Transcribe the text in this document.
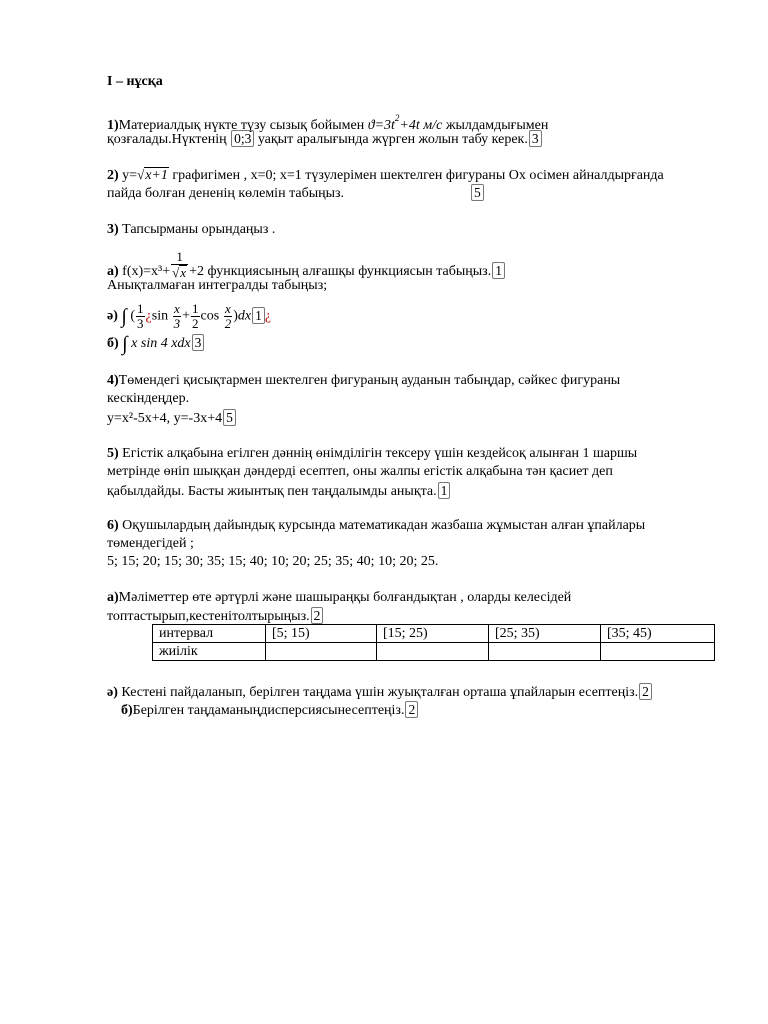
I – нұсқа
1)Материалдық нүкте түзу сызық бойымен $ϑ=3t^2+4t$ м/с жылдамдығымен
қозғалады.Нүктенің 0;3 уақыт аралығында жүрген жолын табу керек. 3
2) y=√x+1 графигімен , x=0; x=1 түзулерімен шектелген фигураны Ох осімен айналдырғанда
пайда болған дененің көлемін табыңыз.	5
3) Тапсырманы орындаңыз .
а) $f(x)=x^3+ \frac{1}{√x} +2$ функциясының алғашқы функциясын табыңыз. 1
Анықталмаған интегралды табыңыз;
ә) ∫ ( $\frac{1}{3}$ ¿$\sin \frac{x}{3} + \frac{1}{2}$ $\cos \frac{x}{2} )dx$ 1 ¿
б) ∫ x sin 4 xdx 3
4)Төмендегі қисықтармен шектелген фигураның ауданын табыңдар, сәйкес фигураны
кескіндеңдер.
y=x²-5x+4, y=-3x+4 5
5) Егістік алқабына егілген дәннің өнімділігін тексеру үшін кездейсоқ алынған 1 шаршы
метрінде өніп шыққан дәндерді есептеп, оны жалпы егістік алқабына тән қасиет деп
қабылдайды. Басты жиынтық пен таңдалымды анықта. 1
6) Оқушылардың дайындық курсында математикадан жазбаша жұмыстан алған ұпайлары
төмендегідей ;
5; 15; 20; 15; 30; 35; 15; 40; 10; 20; 25; 35; 40; 10; 20; 25.
а)Мәліметтер өте әртүрлі және шашыраңқы болғандықтан , оларды келесідей
топтастырып,кестенітолтырыңыз. 2
интервал	[5; 15)	[15; 25)	[25; 35)	[35; 45)
жиілік				
ә) Кестені пайдаланып, берілген таңдама үшін жуықталған орташа ұпайларын есептеңіз. 2
б)Берілген таңдаманыңдисперсиясынесептеңіз. 2
